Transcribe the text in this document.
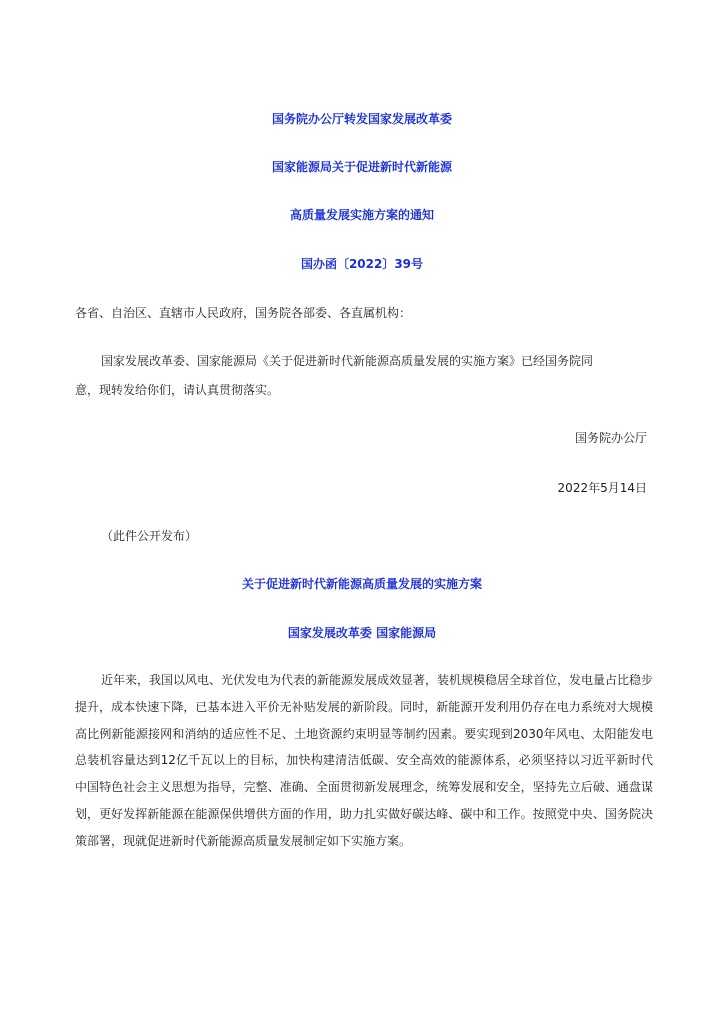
国务院办公厅转发国家发展改革委
国家能源局关于促进新时代新能源
高质量发展实施方案的通知
国办函〔2022〕39号
各省、自治区、直辖市人民政府，国务院各部委、各直属机构：
国家发展改革委、国家能源局《关于促进新时代新能源高质量发展的实施方案》已经国务院同
意，现转发给你们，请认真贯彻落实。
国务院办公厅
2022年5月14日
（此件公开发布）
关于促进新时代新能源高质量发展的实施方案
国家发展改革委 国家能源局
近年来，我国以风电、光伏发电为代表的新能源发展成效显著，装机规模稳居全球首位，发电量占比稳步提升，成本快速下降，已基本进入平价无补贴发展的新阶段。同时，新能源开发利用仍存在电力系统对大规模高比例新能源接网和消纳的适应性不足、土地资源约束明显等制约因素。要实现到2030年风电、太阳能发电总装机容量达到12亿千瓦以上的目标，加快构建清洁低碳、安全高效的能源体系，必须坚持以习近平新时代中国特色社会主义思想为指导，完整、准确、全面贯彻新发展理念，统筹发展和安全，坚持先立后破、通盘谋划，更好发挥新能源在能源保供增供方面的作用，助力扎实做好碳达峰、碳中和工作。按照党中央、国务院决策部署，现就促进新时代新能源高质量发展制定如下实施方案。
